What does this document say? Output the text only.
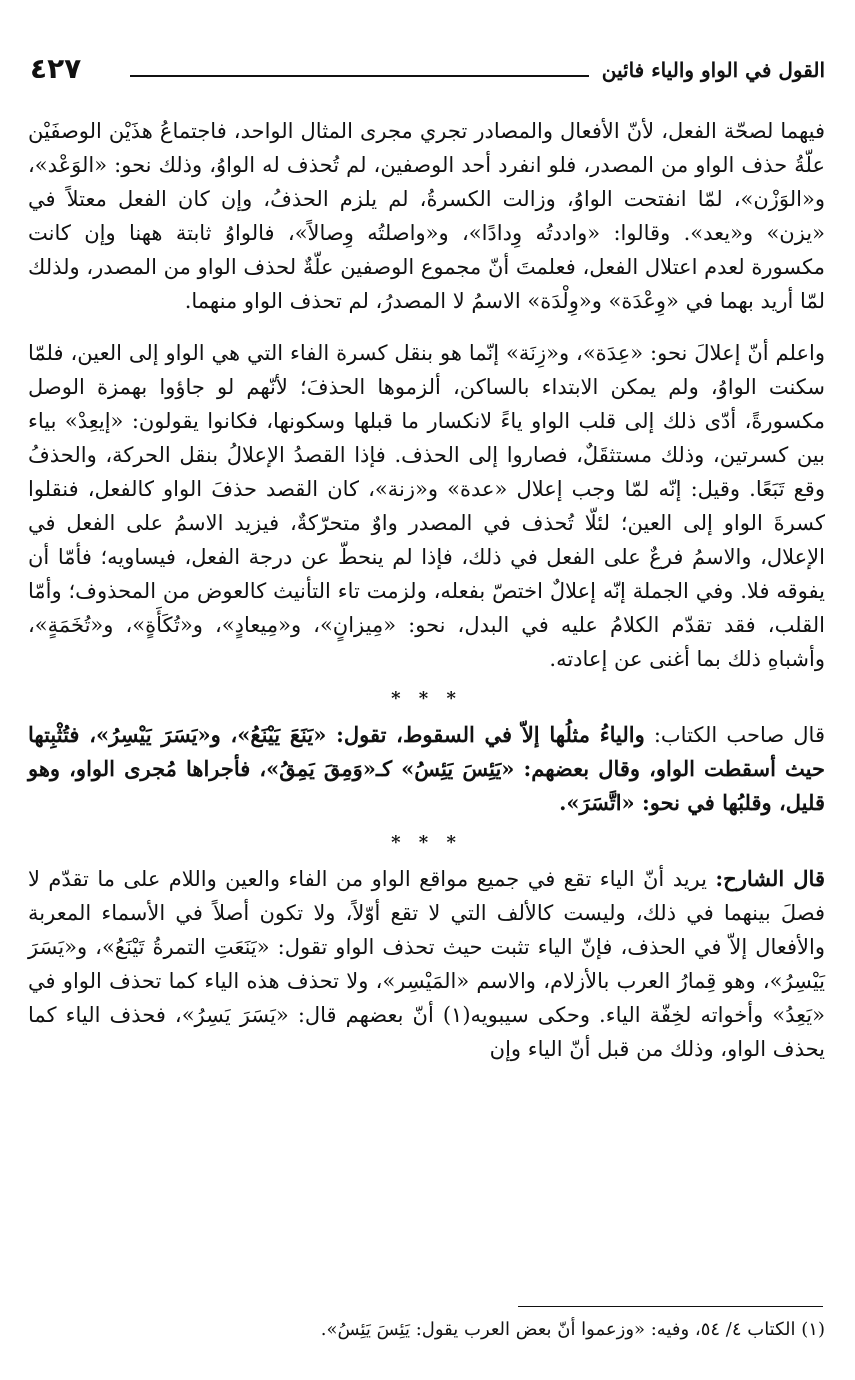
القول في الواو والياء فائين
٤٢٧

فيهما لصحّة الفعل، لأنّ الأفعال والمصادر تجري مجرى المثال الواحد، فاجتماعُ هذَيْن الوصفَيْن علّةُ حذف الواو من المصدر، فلو انفرد أحد الوصفين، لم تُحذف له الواوُ، وذلك نحو: «الوَعْد»، و«الوَزْن»، لمّا انفتحت الواوُ، وزالت الكسرةُ، لم يلزم الحذفُ، وإن كان الفعل معتلاً في «يزن» و«يعد». وقالوا: «واددتُه وِدادًا»، و«واصلتُه وِصالاً»، فالواوُ ثابتة ههنا وإن كانت مكسورة لعدم اعتلال الفعل، فعلمتَ أنّ مجموع الوصفين علّةٌ لحذف الواو من المصدر، ولذلك لمّا أريد بهما في «وِعْدَة» و«وِلْدَة» الاسمُ لا المصدرُ، لم تحذف الواو منهما.

واعلم أنّ إعلالَ نحو: «عِدَة»، و«زِنَة» إنّما هو بنقل كسرة الفاء التي هي الواو إلى العين، فلمّا سكنت الواوُ، ولم يمكن الابتداء بالساكن، ألزموها الحذفَ؛ لأنّهم لو جاؤوا بهمزة الوصل مكسورةً، أدّى ذلك إلى قلب الواو ياءً لانكسار ما قبلها وسكونها، فكانوا يقولون: «إيعِدْ» بياء بين كسرتين، وذلك مستثقَلٌ، فصاروا إلى الحذف. فإذا القصدُ الإعلالُ بنقل الحركة، والحذفُ وقع تَبَعًا. وقيل: إنّه لمّا وجب إعلال «عدة» و«زنة»، كان القصد حذفَ الواو كالفعل، فنقلوا كسرةَ الواو إلى العين؛ لئلّا تُحذف في المصدر واوٌ متحرّكةٌ، فيزيد الاسمُ على الفعل في الإعلال، والاسمُ فرعٌ على الفعل في ذلك، فإذا لم ينحطّ عن درجة الفعل، فيساويه؛ فأمّا أن يفوقه فلا. وفي الجملة إنّه إعلالٌ اختصّ بفعله، ولزمت تاء التأنيث كالعوض من المحذوف؛ وأمّا القلب، فقد تقدّم الكلامُ عليه في البدل، نحو: «مِيزانٍ»، و«مِيعادٍ»، و«تُكَأَةٍ»، و«تُخَمَةٍ»، وأشباهِ ذلك بما أغنى عن إعادته.

* * *

قال صاحب الكتاب: والياءُ مثلُها إلاّ في السقوط، تقول: «يَنَعَ يَيْنَعُ»، و«يَسَرَ يَيْسِرُ»، فتُثْبِتها حيث أسقطت الواو، وقال بعضهم: «يَئِسَ يَئِسُ» كـ«وَمِقَ يَمِقُ»، فأجراها مُجرى الواو، وهو قليل، وقلبُها في نحو: «اتَّسَرَ».

* * *

قال الشارح: يريد أنّ الياء تقع في جميع مواقع الواو من الفاء والعين واللام على ما تقدّم لا فصلَ بينهما في ذلك، وليست كالألف التي لا تقع أوّلاً، ولا تكون أصلاً في الأسماء المعربة والأفعال إلاّ في الحذف، فإنّ الياء تثبت حيث تحذف الواو تقول: «يَنَعَتِ التمرةُ تَيْنَعُ»، و«يَسَرَ يَيْسِرُ»، وهو قِمارُ العرب بالأزلام، والاسم «المَيْسِر»، ولا تحذف هذه الياء كما تحذف الواو في «يَعِدُ» وأخواته لخِفّة الياء. وحكى سيبويه(١) أنّ بعضهم قال: «يَسَرَ يَسِرُ»، فحذف الياء كما يحذف الواو، وذلك من قبل أنّ الياء وإن

(١) الكتاب ٤/ ٥٤، وفيه: «وزعموا أنّ بعض العرب يقول: يَئِسَ يَئِسُ».
